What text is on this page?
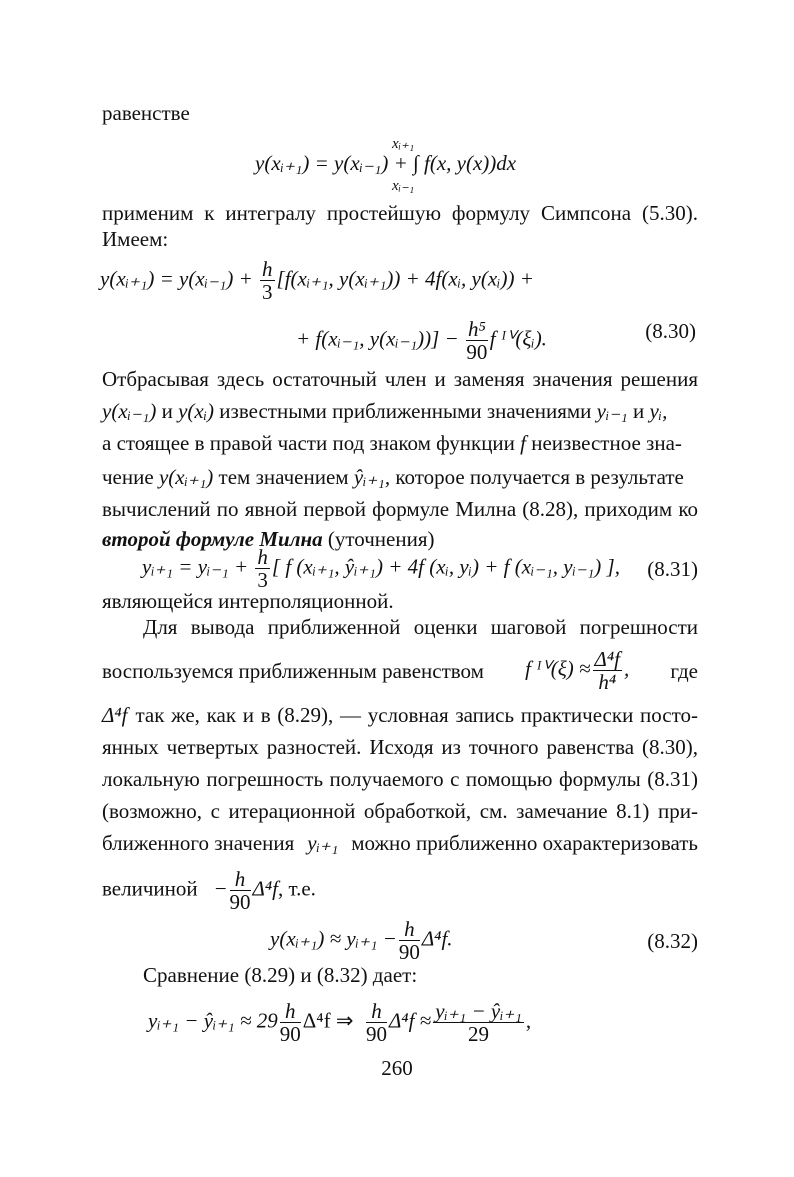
равенстве
xᵢ₊₁
y(xᵢ₊₁) = y(xᵢ₋₁) + ∫ f(x, y(x))dx
xᵢ₋₁
применим к интегралу простейшую формулу Симпсона (5.30).
Имеем:
y(xᵢ₊₁) = y(xᵢ₋₁) + $\frac{h}{3}$ [f(xᵢ₊₁, y(xᵢ₊₁)) + 4f(xᵢ, y(xᵢ)) +
+ f(xᵢ₋₁, y(xᵢ₋₁))] − $\frac{\text{h⁵}}{90}$ f ᴵⱽ(ξᵢ).	(8.30)
Отбрасывая здесь остаточный член и заменяя значения решения
y(xᵢ₋₁) и y(xᵢ) известными приближенными значениями yᵢ₋₁ и yᵢ,
а стоящее в правой части под знаком функции f неизвестное зна-
чение y(xᵢ₊₁) тем значением ŷᵢ₊₁, которое получается в результате
вычислений по явной первой формуле Милна (8.28), приходим ко
второй формуле Милна (уточнения)
yᵢ₊₁ = yᵢ₋₁ + $\frac{h}{3}$ [ f (xᵢ₊₁, ŷᵢ₊₁) + 4f (xᵢ, yᵢ) + f (xᵢ₋₁, yᵢ₋₁) ], (8.31)
являющейся интерполяционной.
Для вывода приближенной оценки шаговой погрешности
воспользуемся приближенным равенством f ᴵⱽ(ξ) ≈ $\frac{\text{Δ⁴f}}{\text{h⁴}}$ , где
Δ⁴f так же, как и в (8.29), — условная запись практически посто-
янных четвертых разностей. Исходя из точного равенства (8.30),
локальную погрешность получаемого с помощью формулы (8.31)
(возможно, с итерационной обработкой, см. замечание 8.1) при-
ближенного значения yᵢ₊₁ можно приближенно охарактеризовать
величиной − $\frac{h}{90} \Delta^4f$, т.е.
y(xᵢ₊₁) ≈ yᵢ₊₁ − $\frac{h}{90} \Delta^4f$.	(8.32)
Сравнение (8.29) и (8.32) дает:
yᵢ₊₁ − ŷᵢ₊₁ ≈ $29 \frac{h}{90} \Delta^4f$ ⇒ $\frac{h}{90} \Delta^4f \approx \frac{\text{yᵢ₊₁ − ŷᵢ₊₁}}{29}$ ,
260
